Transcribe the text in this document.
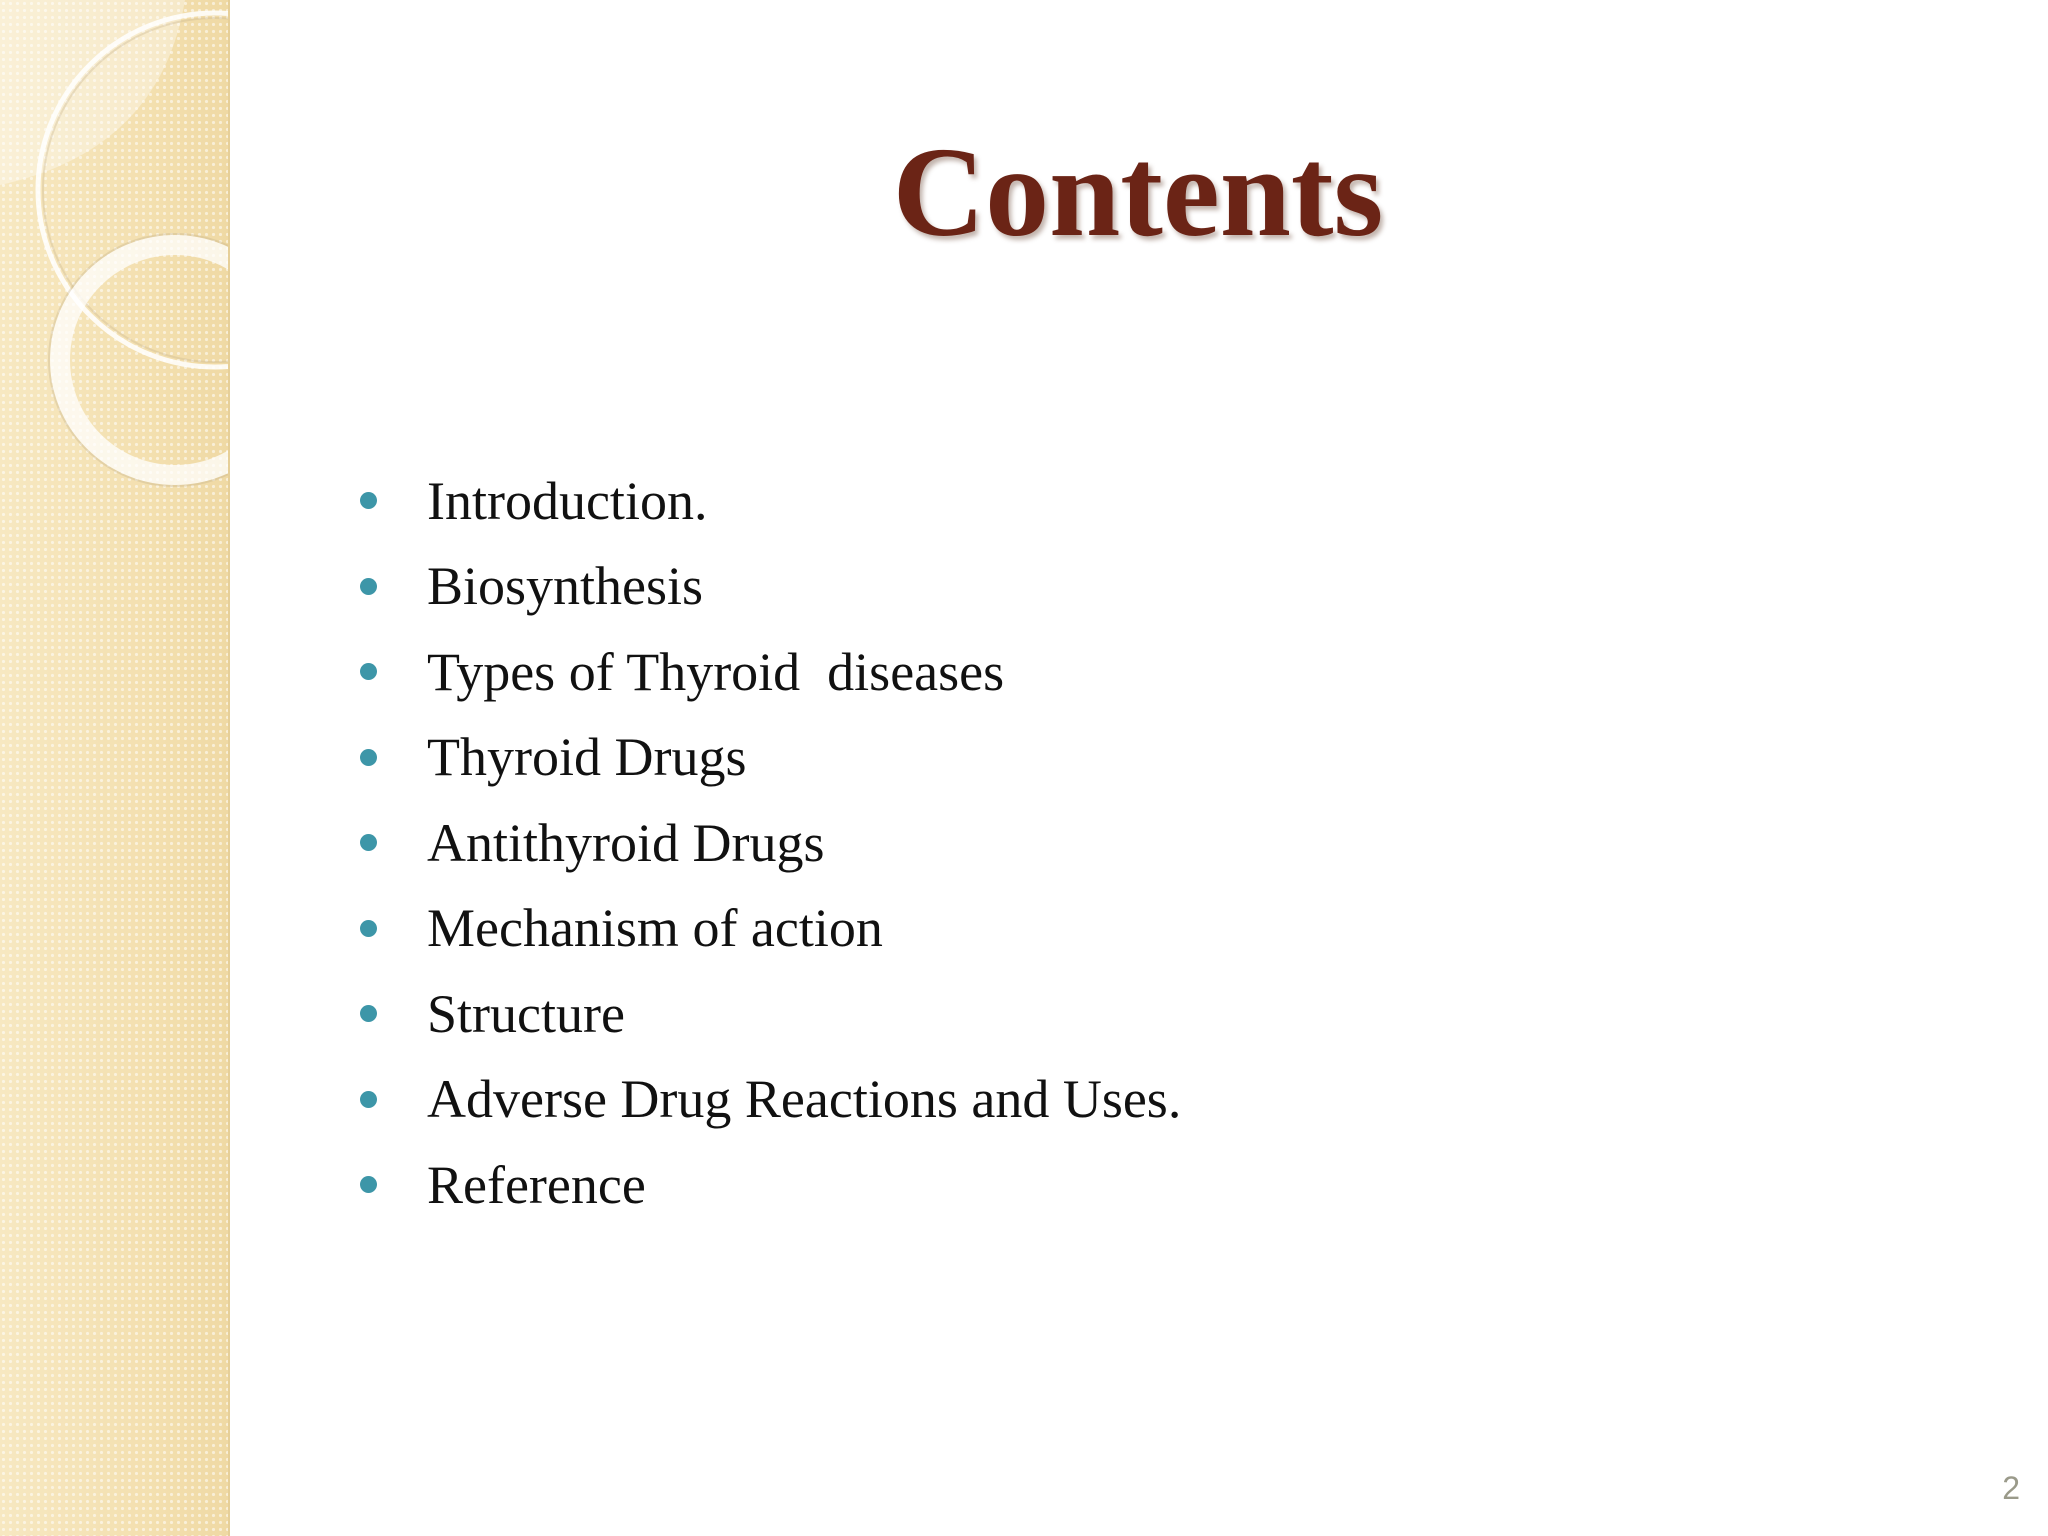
Contents
Introduction.
Biosynthesis
Types of Thyroid  diseases
Thyroid Drugs
Antithyroid Drugs
Mechanism of action
Structure
Adverse Drug Reactions and Uses.
Reference
2
